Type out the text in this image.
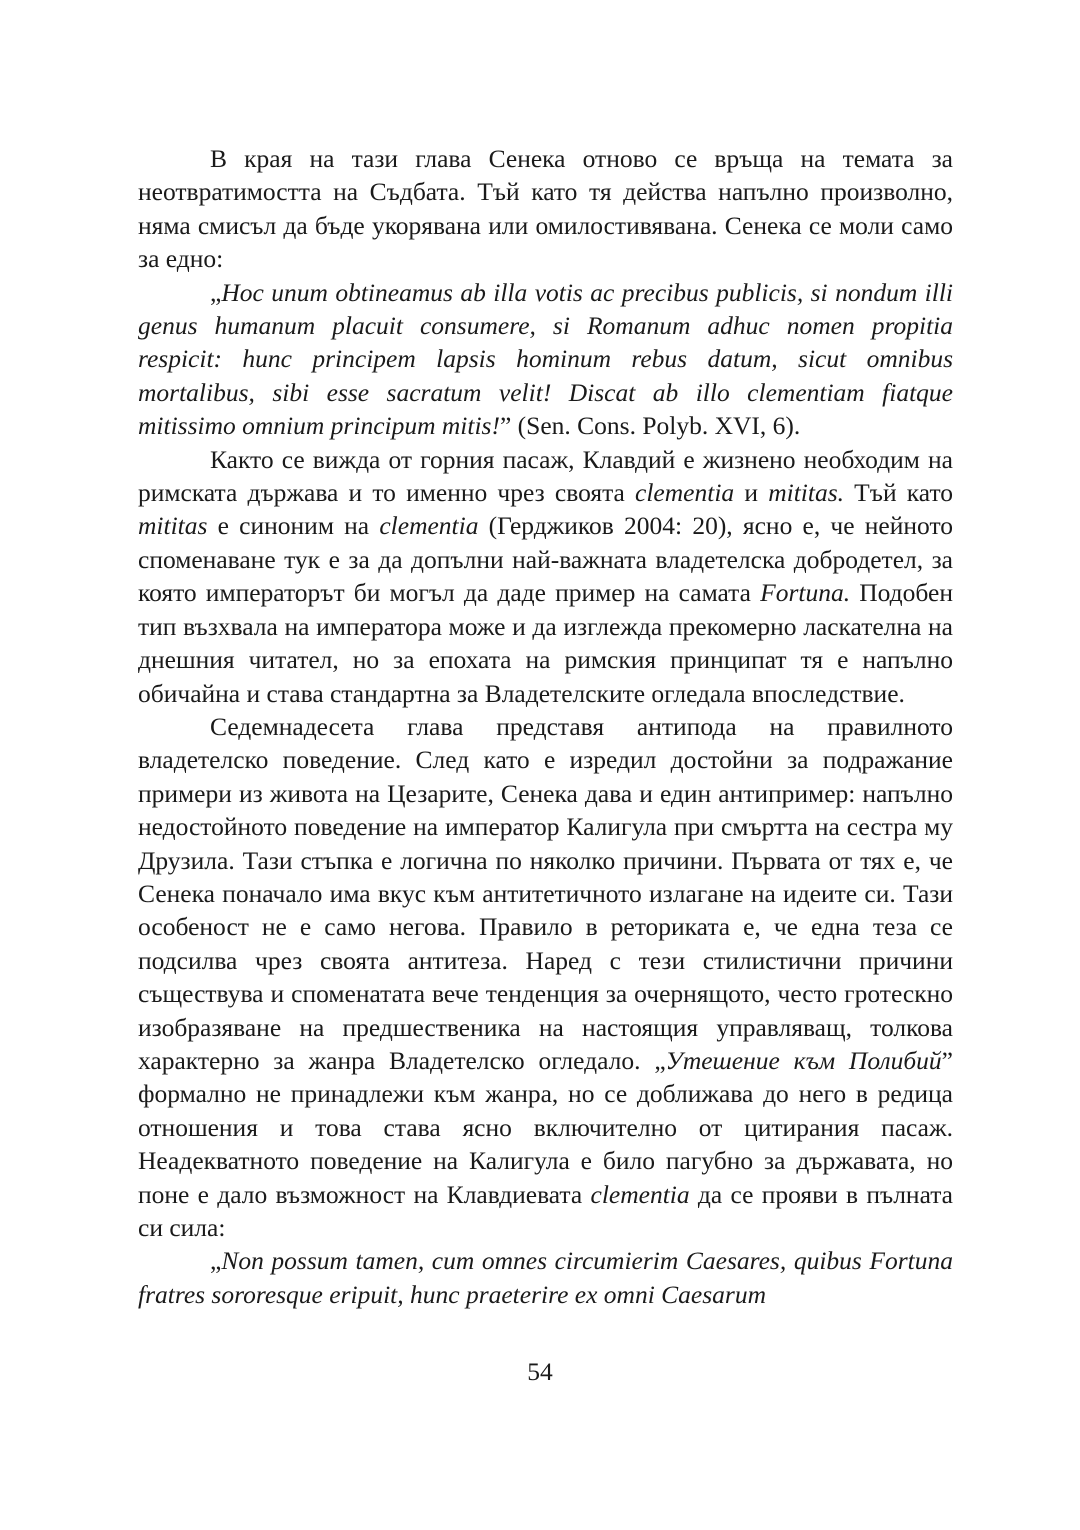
В края на тази глава Сенека отново се връща на темата за неотвратимостта на Съдбата. Тъй като тя действа напълно произволно, няма смисъл да бъде укорявана или омилостивявана. Сенека се моли само за едно:

„Hoc unum obtineamus ab illa votis ac precibus publicis, si nondum illi genus humanum placuit consumere, si Romanum adhuc nomen propitia respicit: hunc principem lapsis hominum rebus datum, sicut omnibus mortalibus, sibi esse sacratum velit! Discat ab illo clementiam fiatque mitissimo omnium principum mitis!” (Sen. Cons. Polyb. XVI, 6).

Както се вижда от горния пасаж, Клавдий е жизнено необходим на римската държава и то именно чрез своята clementia и mititas. Тъй като mititas е синоним на clementia (Герджиков 2004: 20), ясно е, че нейното споменаване тук е за да допълни най-важната владетелска добродетел, за която императорът би могъл да даде пример на самата Fortuna. Подобен тип възхвала на императора може и да изглежда прекомерно ласкателна на днешния читател, но за епохата на римския принципат тя е напълно обичайна и става стандартна за Владетелските огледала впоследствие.

Седемнадесета глава представя антипода на правилното владетелско поведение. След като е изредил достойни за подражание примери из живота на Цезарите, Сенека дава и един антипример: напълно недостойното поведение на император Калигула при смъртта на сестра му Друзила. Тази стъпка е логична по няколко причини. Първата от тях е, че Сенека поначало има вкус към антитетичното излагане на идеите си. Тази особеност не е само негова. Правило в реториката е, че една теза се подсилва чрез своята антитеза. Наред с тези стилистични причини съществува и споменатата вече тенденция за очернящото, често гротескно изобразяване на предшественика на настоящия управляващ, толкова характерно за жанра Владетелско огледало. „Утешение към Полибий” формално не принадлежи към жанра, но се доближава до него в редица отношения и това става ясно включително от цитирания пасаж. Неадекватното поведение на Калигула е било пагубно за държавата, но поне е дало възможност на Клавдиевата clementia да се прояви в пълната си сила:

„Non possum tamen, cum omnes circumierim Caesares, quibus Fortuna fratres sororesque eripuit, hunc praeterire ex omni Caesarum

54
